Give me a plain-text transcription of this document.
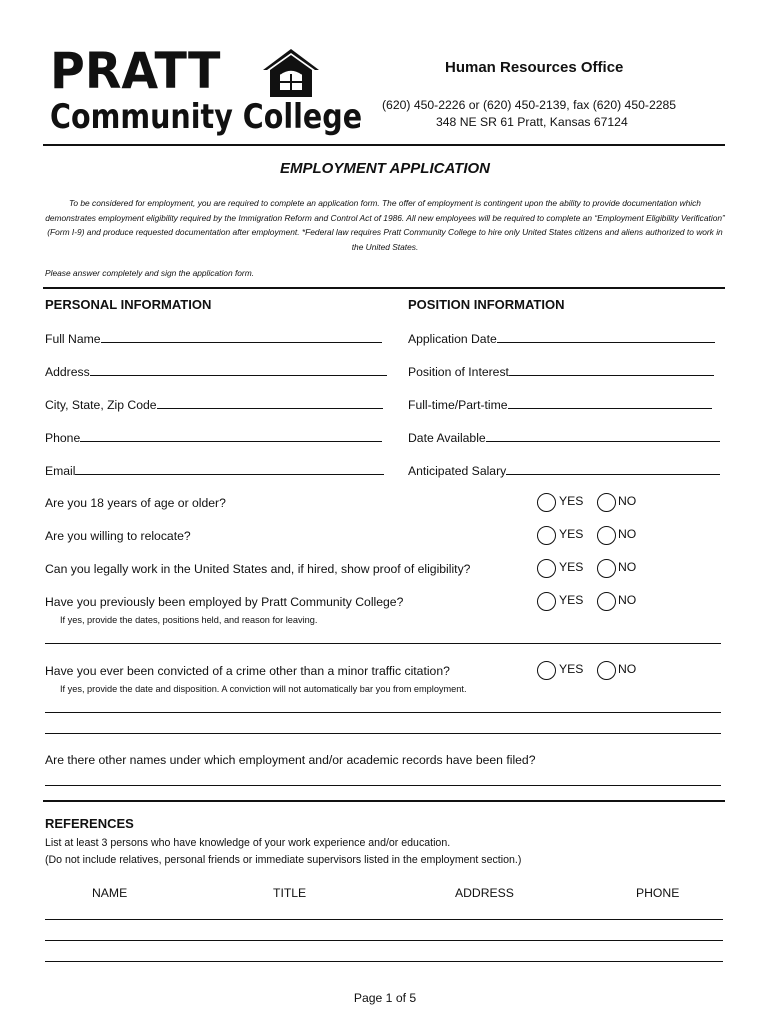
PRATT
Community College
Human Resources Office
(620) 450-2226 or (620) 450-2139, fax (620) 450-2285
348 NE SR 61 Pratt, Kansas 67124
EMPLOYMENT APPLICATION
To be considered for employment, you are required to complete an application form. The offer of employment is contingent upon the ability to provide documentation which demonstrates employment eligibility required by the Immigration Reform and Control Act of 1986. All new employees will be required to complete an “Employment Eligibility Verification” (Form I-9) and produce requested documentation after employment. *Federal law requires Pratt Community College to hire only United States citizens and aliens authorized to work in the United States.
Please answer completely and sign the application form.
PERSONAL INFORMATION	POSITION INFORMATION
Full Name
Address
City, State, Zip Code
Phone
Email
Application Date
Position of Interest
Full-time/Part-time
Date Available
Anticipated Salary
Are you 18 years of age or older?	YES	NO
Are you willing to relocate?	YES	NO
Can you legally work in the United States and, if hired, show proof of eligibility?	YES	NO
Have you previously been employed by Pratt Community College?	YES	NO
If yes, provide the dates, positions held, and reason for leaving.
Have you ever been convicted of a crime other than a minor traffic citation?	YES	NO
If yes, provide the date and disposition. A conviction will not automatically bar you from employment.
Are there other names under which employment and/or academic records have been filed?
REFERENCES
List at least 3 persons who have knowledge of your work experience and/or education.
(Do not include relatives, personal friends or immediate supervisors listed in the employment section.)
NAME	TITLE	ADDRESS	PHONE
Page 1 of 5
